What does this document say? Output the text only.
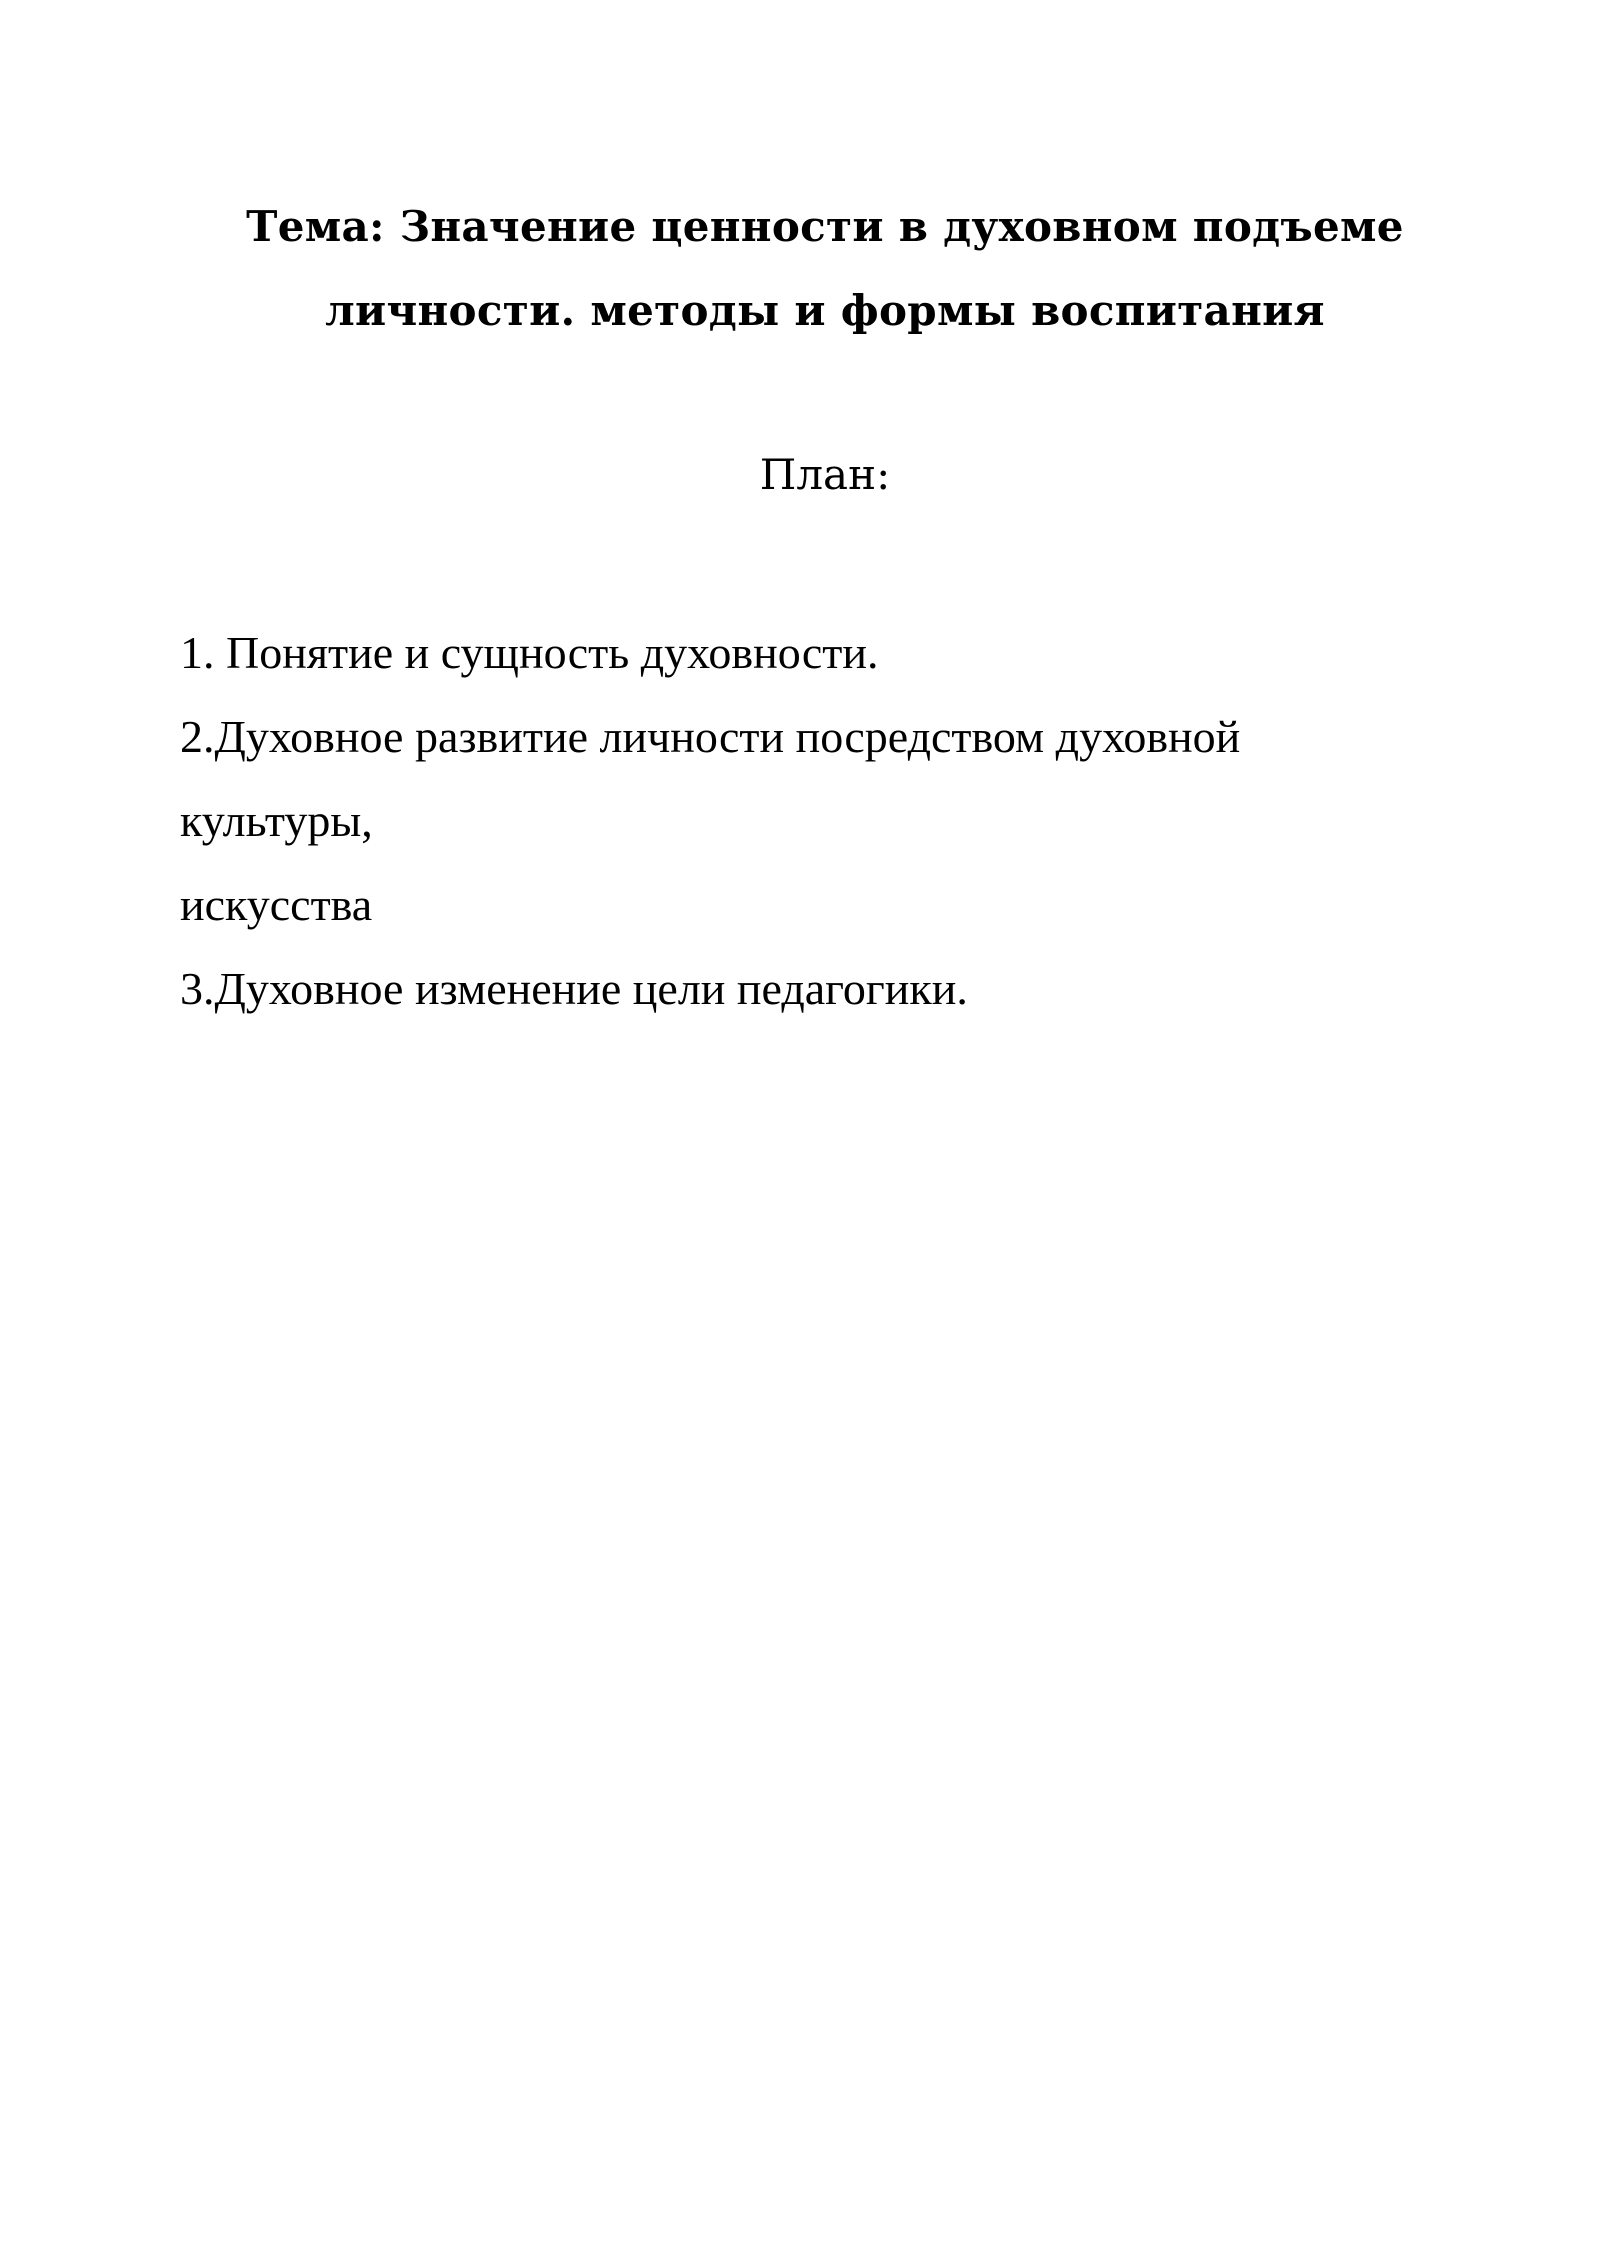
Тема: Значение ценности в духовном подъеме
личности. методы и формы воспитания
План:
1. Понятие и сущность духовности.
2.Духовное развитие личности посредством духовной
культуры,
искусства
3.Духовное изменение цели педагогики.
